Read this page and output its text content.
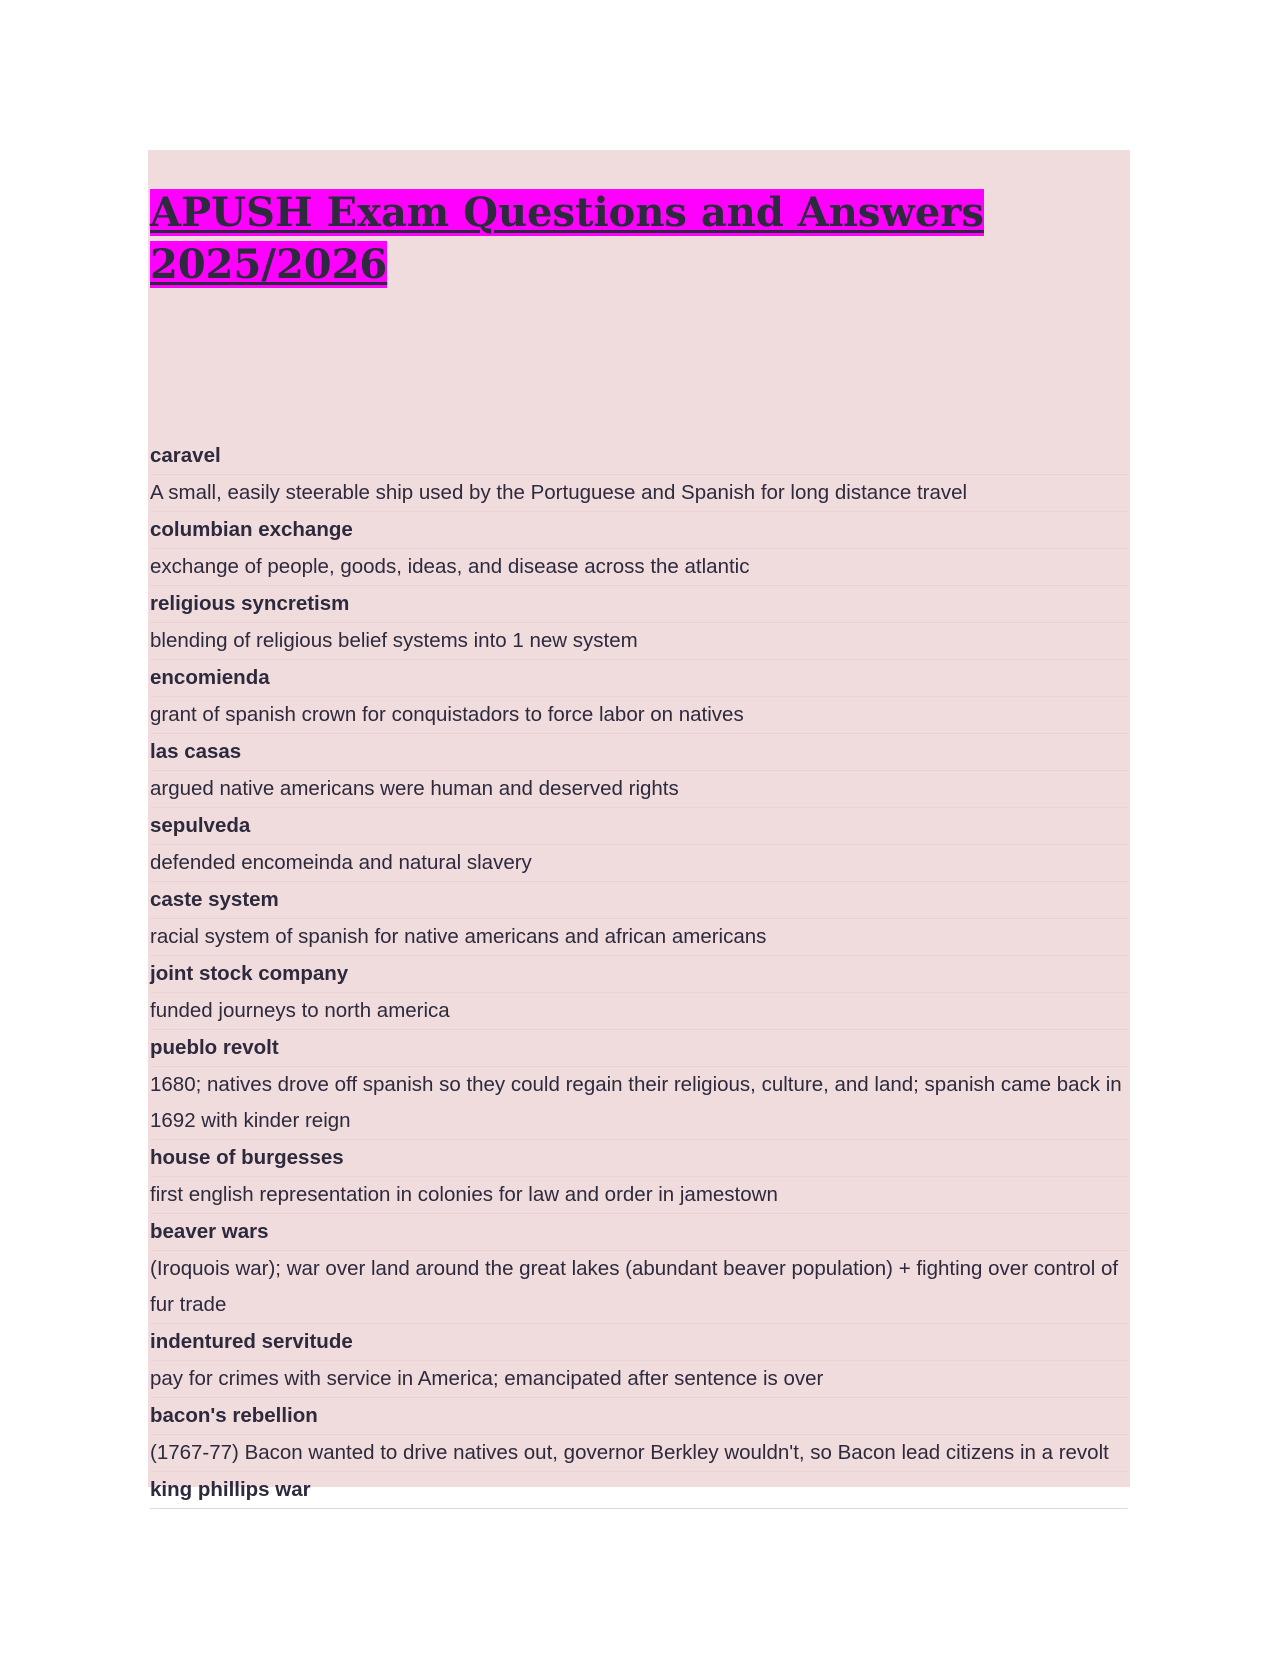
APUSH Exam Questions and Answers
2025/2026

caravel

A small, easily steerable ship used by the Portuguese and Spanish for long distance travel

columbian exchange

exchange of people, goods, ideas, and disease across the atlantic

religious syncretism

blending of religious belief systems into 1 new system

encomienda

grant of spanish crown for conquistadors to force labor on natives

las casas

argued native americans were human and deserved rights

sepulveda

defended encomeinda and natural slavery

caste system

racial system of spanish for native americans and african americans

joint stock company

funded journeys to north america

pueblo revolt

1680; natives drove off spanish so they could regain their religious, culture, and land; spanish came back in 1692 with kinder reign

house of burgesses

first english representation in colonies for law and order in jamestown

beaver wars

(Iroquois war); war over land around the great lakes (abundant beaver population) + fighting over control of fur trade

indentured servitude

pay for crimes with service in America; emancipated after sentence is over

bacon's rebellion

(1767-77) Bacon wanted to drive natives out, governor Berkley wouldn't, so Bacon lead citizens in a revolt

king phillips war
